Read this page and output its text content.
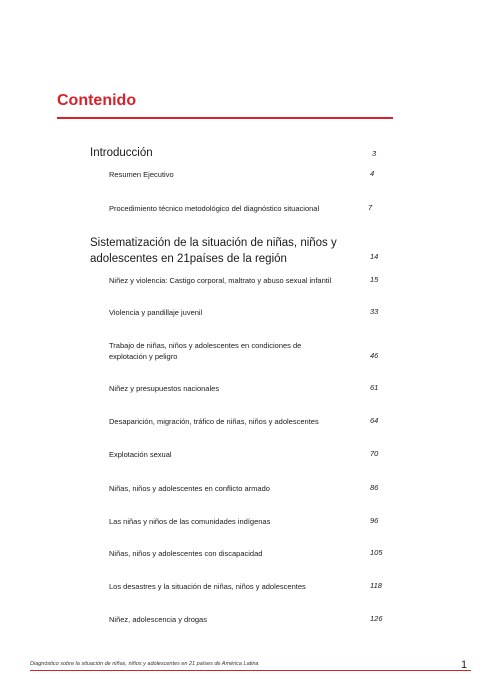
Contenido
Introducción	3
Resumen Ejecutivo	4
Procedimiento técnico metodológico del diagnóstico situacional	7
Sistematización de la situación de niñas, niños y
adolescentes en 21países de la región	14
Niñez y violencia: Castigo corporal, maltrato y abuso sexual infantil	15
Violencia y pandillaje juvenil	33
Trabajo de niñas, niños y adolescentes en condiciones de
explotación y peligro	46
Niñez y presupuestos nacionales	61
Desaparición, migración, tráfico de niñas, niños y adolescentes	64
Explotación sexual	70
Niñas, niños y adolescentes en conflicto armado	86
Las niñas y niños de las comunidades indígenas	96
Niñas, niños y adolescentes con discapacidad	105
Los desastres y la situación de niñas, niños y adolescentes	118
Niñez, adolescencia y drogas	126
Diagnóstico sobre la situación de niñas, niños y adolescentes en 21 países de América Latina	1
